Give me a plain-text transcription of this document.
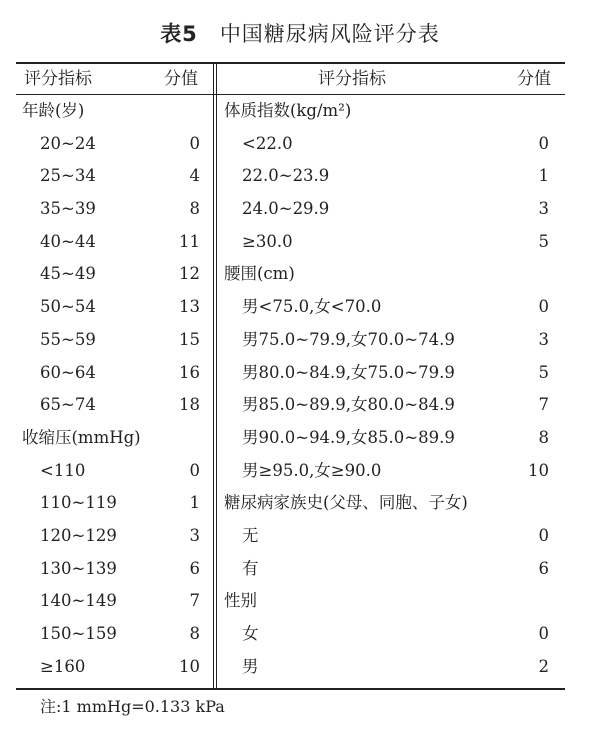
表5 中国糖尿病风险评分表
评分指标	分值	评分指标	分值
年龄(岁)
20~24	0
25~34	4
35~39	8
40~44	11
45~49	12
50~54	13
55~59	15
60~64	16
65~74	18
收缩压(mmHg)
<110	0
110~119	1
120~129	3
130~139	6
140~149	7
150~159	8
≥160	10
体质指数(kg/m²)
<22.0	0
22.0~23.9	1
24.0~29.9	3
≥30.0	5
腰围(cm)
男<75.0,女<70.0	0
男75.0~79.9,女70.0~74.9	3
男80.0~84.9,女75.0~79.9	5
男85.0~89.9,女80.0~84.9	7
男90.0~94.9,女85.0~89.9	8
男≥95.0,女≥90.0	10
糖尿病家族史(父母、同胞、子女)
无	0
有	6
性别
女	0
男	2
注:1 mmHg=0.133 kPa
